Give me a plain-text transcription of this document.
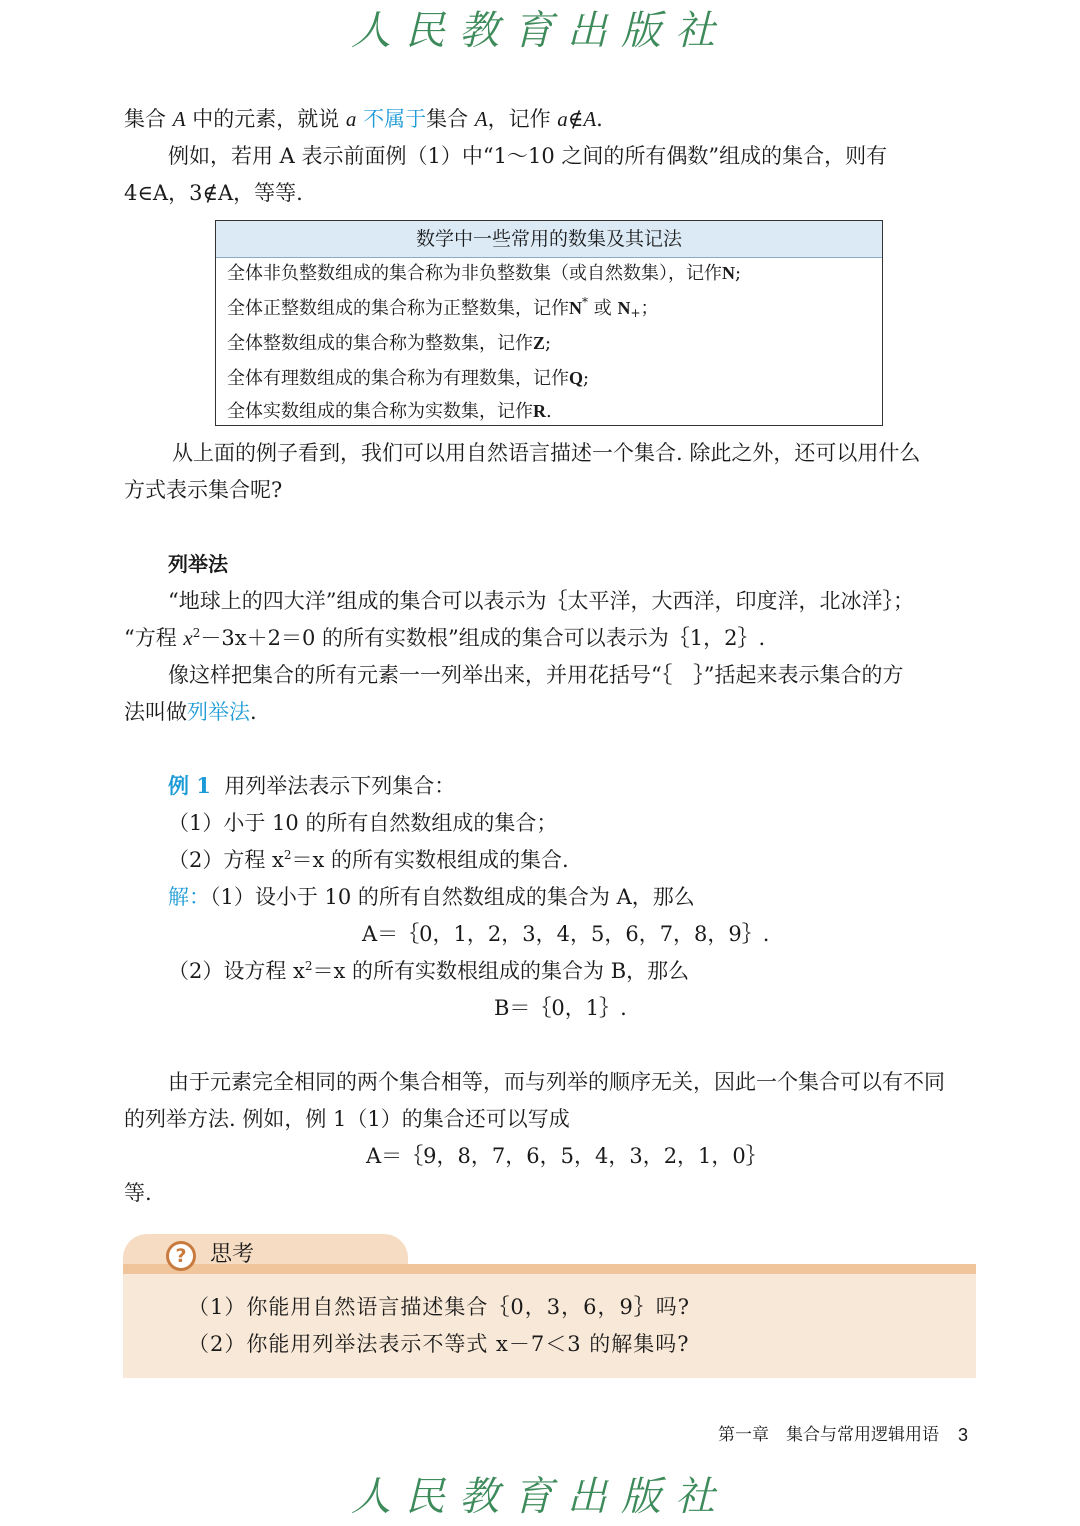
人民教育出版社
集合 A 中的元素，就说 a 不属于集合 A，记作 a∉A.
例如，若用 A 表示前面例（1）中“1～10 之间的所有偶数”组成的集合，则有
4∈A，3∉A，等等.
数学中一些常用的数集及其记法
全体非负整数组成的集合称为非负整数集（或自然数集），记作N;
全体正整数组成的集合称为正整数集，记作N* 或 $N_+$；
全体整数组成的集合称为整数集，记作Z;
全体有理数组成的集合称为有理数集，记作Q;
全体实数组成的集合称为实数集，记作R.
从上面的例子看到，我们可以用自然语言描述一个集合. 除此之外，还可以用什么
方式表示集合呢?
列举法
“地球上的四大洋”组成的集合可以表示为｛太平洋，大西洋，印度洋，北冰洋｝；
“方程 $x^2-3x+2=0$ 的所有实数根”组成的集合可以表示为｛1，2｝.
像这样把集合的所有元素一一列举出来，并用花括号“｛　｝”括起来表示集合的方
法叫做列举法.
例 1 用列举法表示下列集合：
（1）小于 10 的所有自然数组成的集合；
（2）方程 $x^2=x$ 的所有实数根组成的集合.
解：（1）设小于 10 的所有自然数组成的集合为 A，那么
A＝｛0，1，2，3，4，5，6，7，8，9｝.
（2）设方程 $x^2=x$ 的所有实数根组成的集合为 B，那么
B＝｛0，1｝.
由于元素完全相同的两个集合相等，而与列举的顺序无关，因此一个集合可以有不同
的列举方法. 例如，例 1（1）的集合还可以写成
A＝｛9，8，7，6，5，4，3，2，1，0｝
等.
?	思考
（1）你能用自然语言描述集合｛0，3，6，9｝吗?
（2）你能用列举法表示不等式 x－7＜3 的解集吗?
第一章　集合与常用逻辑用语 3
人民教育出版社
